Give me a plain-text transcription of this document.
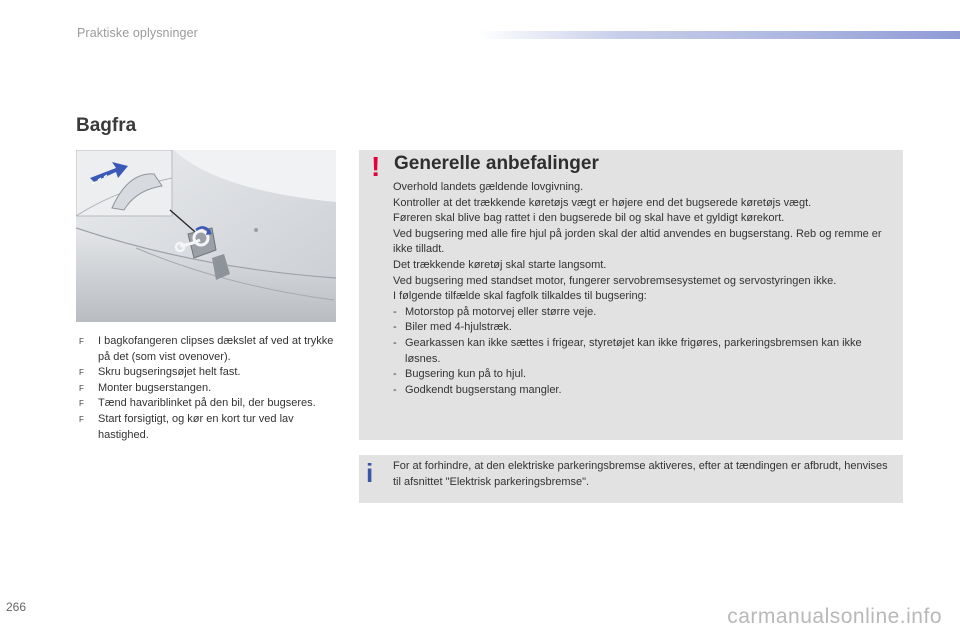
Praktiske oplysninger
Bagfra
F I bagkofangeren clipses dækslet af ved at trykke på det (som vist ovenover).
F Skru bugseringsøjet helt fast.
F Monter bugserstangen.
F Tænd havariblinket på den bil, der bugseres.
F Start forsigtigt, og kør en kort tur ved lav hastighed.
! Generelle anbefalinger
Overhold landets gældende lovgivning.
Kontroller at det trækkende køretøjs vægt er højere end det bugserede køretøjs vægt.
Føreren skal blive bag rattet i den bugserede bil og skal have et gyldigt kørekort.
Ved bugsering med alle fire hjul på jorden skal der altid anvendes en bugserstang. Reb og remme er ikke tilladt.
Det trækkende køretøj skal starte langsomt.
Ved bugsering med standset motor, fungerer servobremsesystemet og servostyringen ikke.
I følgende tilfælde skal fagfolk tilkaldes til bugsering:
- Motorstop på motorvej eller større veje.
- Biler med 4-hjulstræk.
- Gearkassen kan ikke sættes i frigear, styretøjet kan ikke frigøres, parkeringsbremsen kan ikke løsnes.
- Bugsering kun på to hjul.
- Godkendt bugserstang mangler.
i For at forhindre, at den elektriske parkeringsbremse aktiveres, efter at tændingen er afbrudt, henvises til afsnittet "Elektrisk parkeringsbremse".
266	carmanualsonline.info
